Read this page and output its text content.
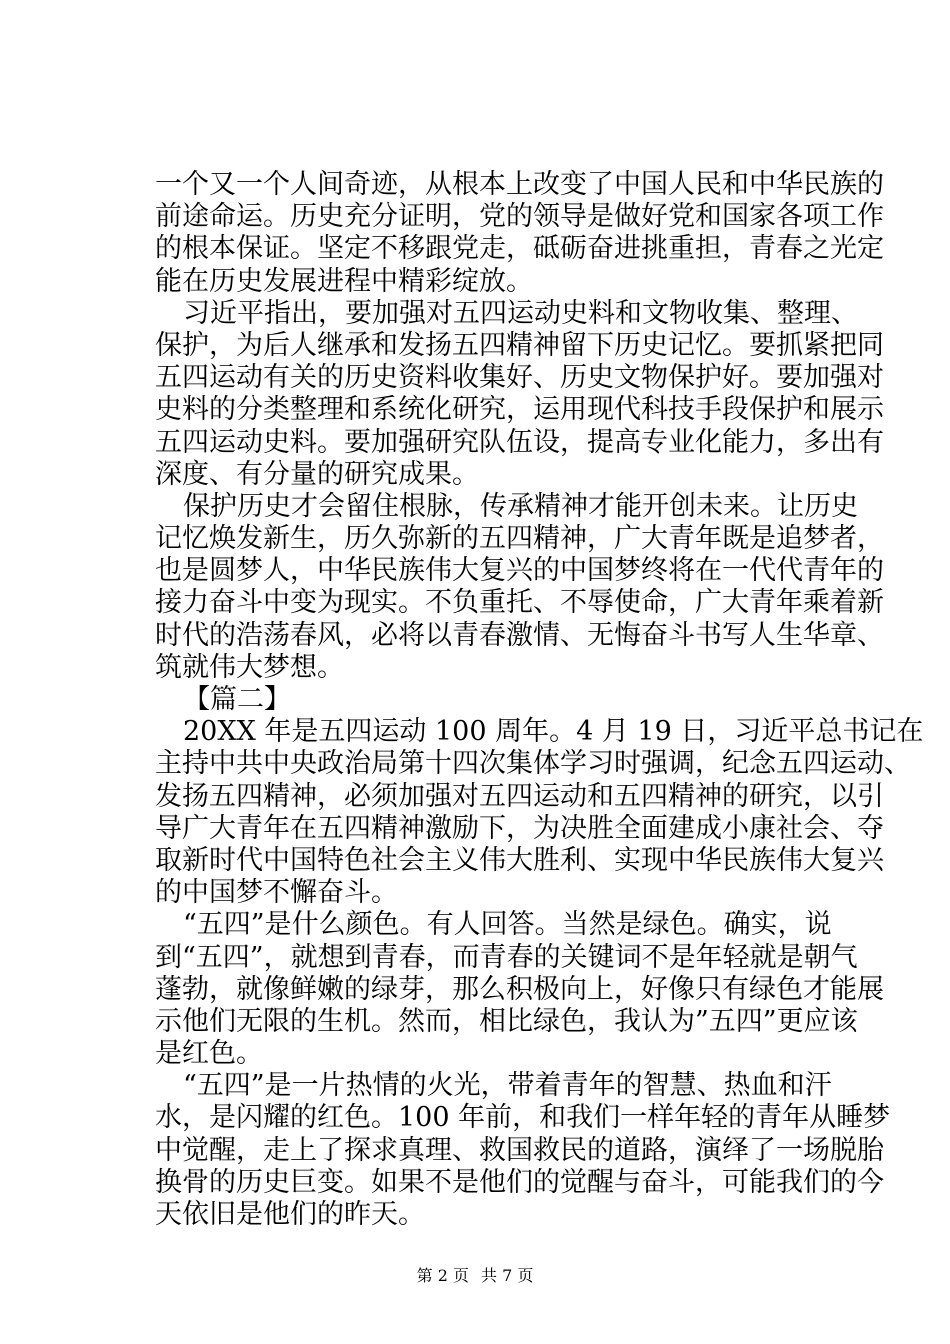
一个又一个人间奇迹，从根本上改变了中国人民和中华民族的
前途命运。历史充分证明，党的领导是做好党和国家各项工作
的根本保证。坚定不移跟党走，砥砺奋进挑重担，青春之光定
能在历史发展进程中精彩绽放。
习近平指出，要加强对五四运动史料和文物收集、整理、
保护，为后人继承和发扬五四精神留下历史记忆。要抓紧把同
五四运动有关的历史资料收集好、历史文物保护好。要加强对
史料的分类整理和系统化研究，运用现代科技手段保护和展示
五四运动史料。要加强研究队伍设，提高专业化能力，多出有
深度、有分量的研究成果。
保护历史才会留住根脉，传承精神才能开创未来。让历史
记忆焕发新生，历久弥新的五四精神，广大青年既是追梦者，
也是圆梦人，中华民族伟大复兴的中国梦终将在一代代青年的
接力奋斗中变为现实。不负重托、不辱使命，广大青年乘着新
时代的浩荡春风，必将以青春激情、无悔奋斗书写人生华章、
筑就伟大梦想。
【篇二】
20XX 年是五四运动 100 周年。4 月 19 日，习近平总书记在
主持中共中央政治局第十四次集体学习时强调，纪念五四运动、
发扬五四精神，必须加强对五四运动和五四精神的研究，以引
导广大青年在五四精神激励下，为决胜全面建成小康社会、夺
取新时代中国特色社会主义伟大胜利、实现中华民族伟大复兴
的中国梦不懈奋斗。
“五四”是什么颜色。有人回答。当然是绿色。确实，说
到“五四”，就想到青春，而青春的关键词不是年轻就是朝气
蓬勃，就像鲜嫩的绿芽，那么积极向上，好像只有绿色才能展
示他们无限的生机。然而，相比绿色，我认为”五四”更应该
是红色。
“五四”是一片热情的火光，带着青年的智慧、热血和汗
水，是闪耀的红色。100 年前，和我们一样年轻的青年从睡梦
中觉醒，走上了探求真理、救国救民的道路，演绎了一场脱胎
换骨的历史巨变。如果不是他们的觉醒与奋斗，可能我们的今
天依旧是他们的昨天。
第 2 页 共 7 页
